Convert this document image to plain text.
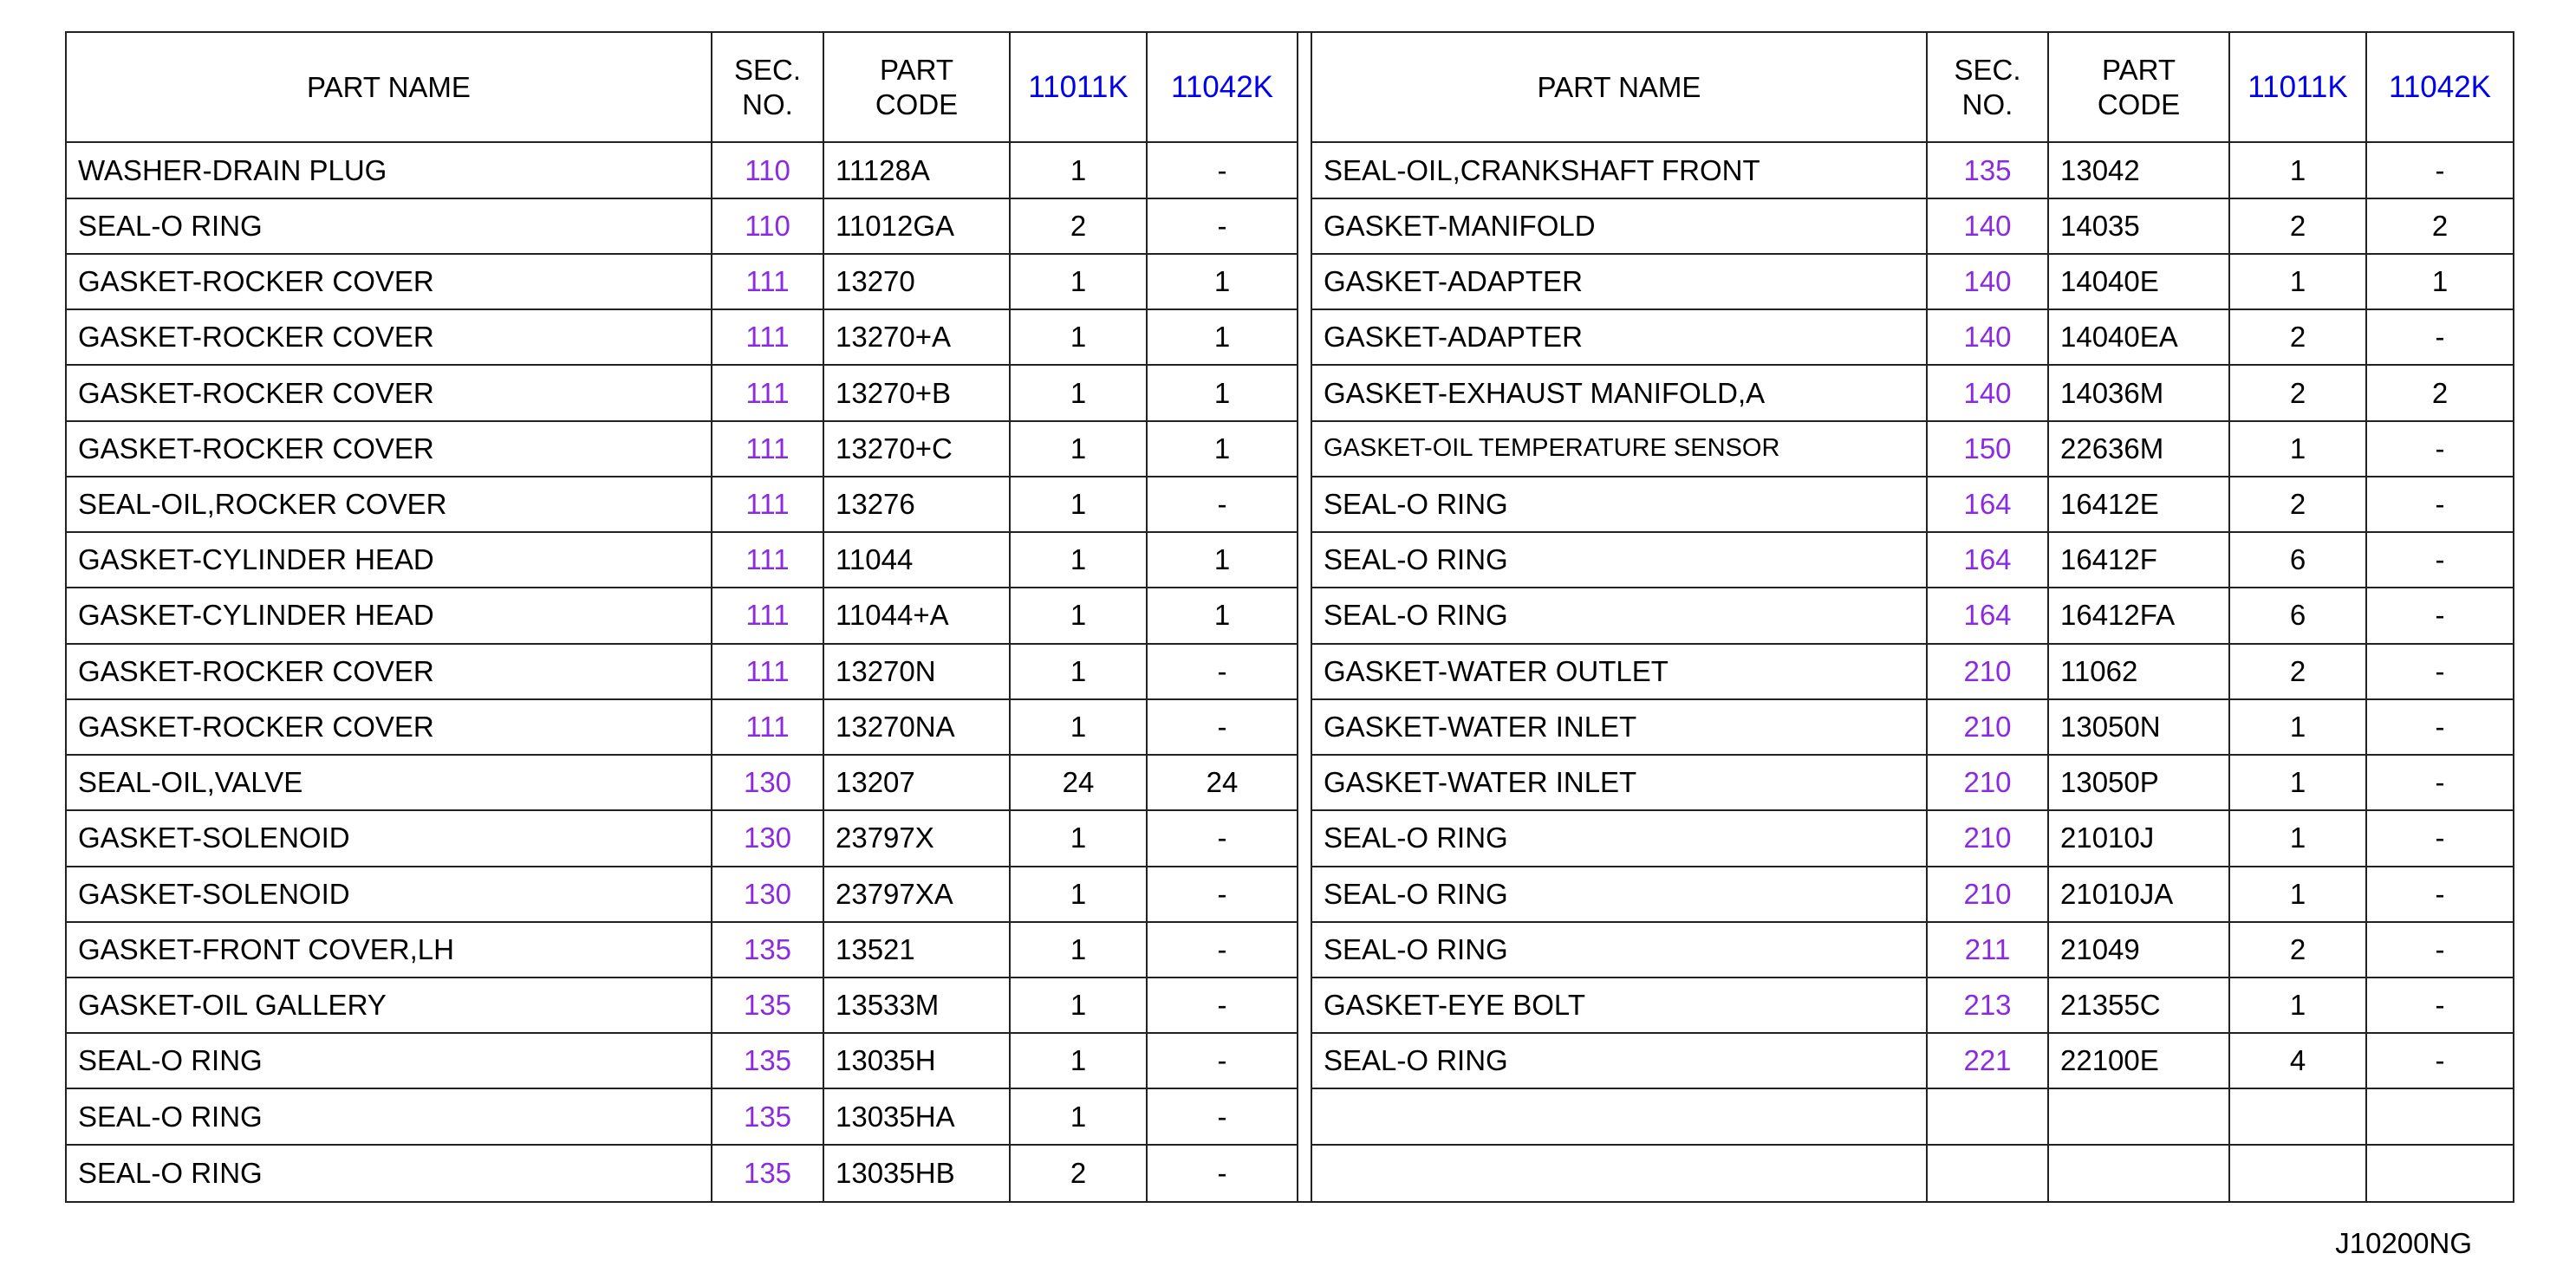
PART NAME
SEC.
NO.
PART
CODE
11011K	11042K
WASHER-DRAIN PLUG	110	11128A	1	-
SEAL-O RING	110	11012GA	2	-
GASKET-ROCKER COVER	111	13270	1	1
GASKET-ROCKER COVER	111	13270+A	1	1
GASKET-ROCKER COVER	111	13270+B	1	1
GASKET-ROCKER COVER	111	13270+C	1	1
SEAL-OIL,ROCKER COVER	111	13276	1	-
GASKET-CYLINDER HEAD	111	11044	1	1
GASKET-CYLINDER HEAD	111	11044+A	1	1
GASKET-ROCKER COVER	111	13270N	1	-
GASKET-ROCKER COVER	111	13270NA	1	-
SEAL-OIL,VALVE	130	13207	24	24
GASKET-SOLENOID	130	23797X	1	-
GASKET-SOLENOID	130	23797XA	1	-
GASKET-FRONT COVER,LH	135	13521	1	-
GASKET-OIL GALLERY	135	13533M	1	-
SEAL-O RING	135	13035H	1	-
SEAL-O RING	135	13035HA	1	-
SEAL-O RING	135	13035HB	2	-
PART NAME
SEC.
NO.
PART
CODE
11011K	11042K
SEAL-OIL,CRANKSHAFT FRONT	135	13042	1	-
GASKET-MANIFOLD	140	14035	2	2
GASKET-ADAPTER	140	14040E	1	1
GASKET-ADAPTER	140	14040EA	2	-
GASKET-EXHAUST MANIFOLD,A	140	14036M	2	2
GASKET-OIL TEMPERATURE SENSOR	150	22636M	1	-
SEAL-O RING	164	16412E	2	-
SEAL-O RING	164	16412F	6	-
SEAL-O RING	164	16412FA	6	-
GASKET-WATER OUTLET	210	11062	2	-
GASKET-WATER INLET	210	13050N	1	-
GASKET-WATER INLET	210	13050P	1	-
SEAL-O RING	210	21010J	1	-
SEAL-O RING	210	21010JA	1	-
SEAL-O RING	211	21049	2	-
GASKET-EYE BOLT	213	21355C	1	-
SEAL-O RING	221	22100E	4	-
J10200NG
